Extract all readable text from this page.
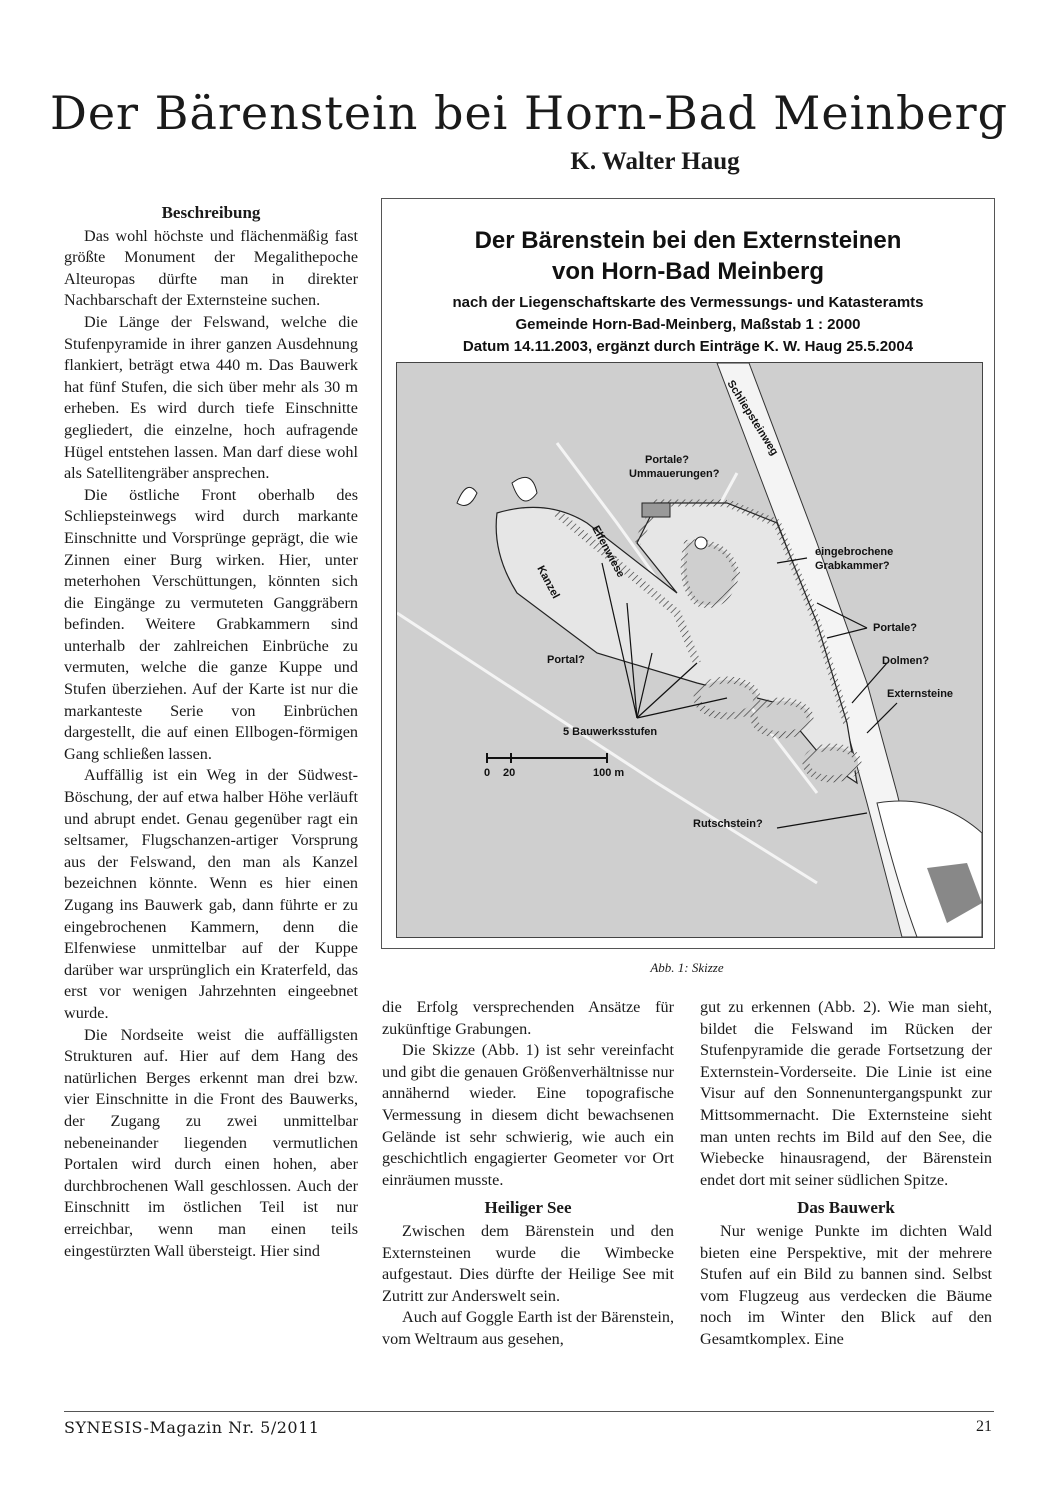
Der Bärenstein bei Horn-Bad Meinberg
K. Walter Haug
Beschreibung

Das wohl höchste und flächenmäßig fast größte Monument der Megalithepoche Alteuropas dürfte man in direkter Nachbarschaft der Externsteine suchen.

Die Länge der Felswand, welche die Stufenpyramide in ihrer ganzen Ausdehnung flankiert, beträgt etwa 440 m. Das Bauwerk hat fünf Stufen, die sich über mehr als 30 m erheben. Es wird durch tiefe Einschnitte gegliedert, die einzelne, hoch aufragende Hügel entstehen lassen. Man darf diese wohl als Satellitengräber ansprechen.

Die östliche Front oberhalb des Schliepsteinwegs wird durch markante Einschnitte und Vorsprünge geprägt, die wie Zinnen einer Burg wirken. Hier, unter meterhohen Verschüttungen, könnten sich die Eingänge zu vermuteten Ganggräbern befinden. Weitere Grabkammern sind unterhalb der zahlreichen Einbrüche zu vermuten, welche die ganze Kuppe und Stufen überziehen. Auf der Karte ist nur die markanteste Serie von Einbrüchen dargestellt, die auf einen Ellbogen-förmigen Gang schließen lassen.

Auffällig ist ein Weg in der Südwest-Böschung, der auf etwa halber Höhe verläuft und abrupt endet. Genau gegenüber ragt ein seltsamer, Flugschanzen-artiger Vorsprung aus der Felswand, den man als Kanzel bezeichnen könnte. Wenn es hier einen Zugang ins Bauwerk gab, dann führte er zu eingebrochenen Kammern, denn die Elfenwiese unmittelbar auf der Kuppe darüber war ursprünglich ein Kraterfeld, das erst vor wenigen Jahrzehnten eingeebnet wurde.

Die Nordseite weist die auffälligsten Strukturen auf. Hier auf dem Hang des natürlichen Berges erkennt man drei bzw. vier Einschnitte in die Front des Bauwerks, der Zugang zu zwei unmittelbar nebeneinander liegenden vermutlichen Portalen wird durch einen hohen, aber durchbrochenen Wall geschlossen. Auch der Einschnitt im östlichen Teil ist nur erreichbar, wenn man einen teils eingestürzten Wall übersteigt. Hier sind

Der Bärenstein bei den Externsteinen
von Horn-Bad Meinberg
nach der Liegenschaftskarte des Vermessungs- und Katasteramts
Gemeinde Horn-Bad-Meinberg, Maßstab 1 : 2000
Datum 14.11.2003, ergänzt durch Einträge K. W. Haug 25.5.2004
Schliepsteinweg
Portale?
Ummauerungen?
Elfenwiese
Kanzel
eingebrochene
Grabkammer?
Portale?
Dolmen?
Externsteine
Portal?
5 Bauwerksstufen
0 20	100 m
Rutschstein?
Abb. 1: Skizze

die Erfolg versprechenden Ansätze für zukünftige Grabungen.

Die Skizze (Abb. 1) ist sehr vereinfacht und gibt die genauen Größenverhältnisse nur annähernd wieder. Eine topografische Vermessung in diesem dicht bewachsenen Gelände ist sehr schwierig, wie auch ein geschichtlich engagierter Geometer vor Ort einräumen musste.

Heiliger See

Zwischen dem Bärenstein und den Externsteinen wurde die Wimbecke aufgestaut. Dies dürfte der Heilige See mit Zutritt zur Anderswelt sein.

Auch auf Goggle Earth ist der Bärenstein, vom Weltraum aus gesehen,

gut zu erkennen (Abb. 2). Wie man sieht, bildet die Felswand im Rücken der Stufenpyramide die gerade Fortsetzung der Externstein-Vorderseite. Die Linie ist eine Visur auf den Sonnenuntergangspunkt zur Mittsommernacht. Die Externsteine sieht man unten rechts im Bild auf den See, die Wiebecke hinausragend, der Bärenstein endet dort mit seiner südlichen Spitze.

Das Bauwerk

Nur wenige Punkte im dichten Wald bieten eine Perspektive, mit der mehrere Stufen auf ein Bild zu bannen sind. Selbst vom Flugzeug aus verdecken die Bäume noch im Winter den Blick auf den Gesamtkomplex. Eine

SYNESIS-Magazin Nr. 5/2011	21
